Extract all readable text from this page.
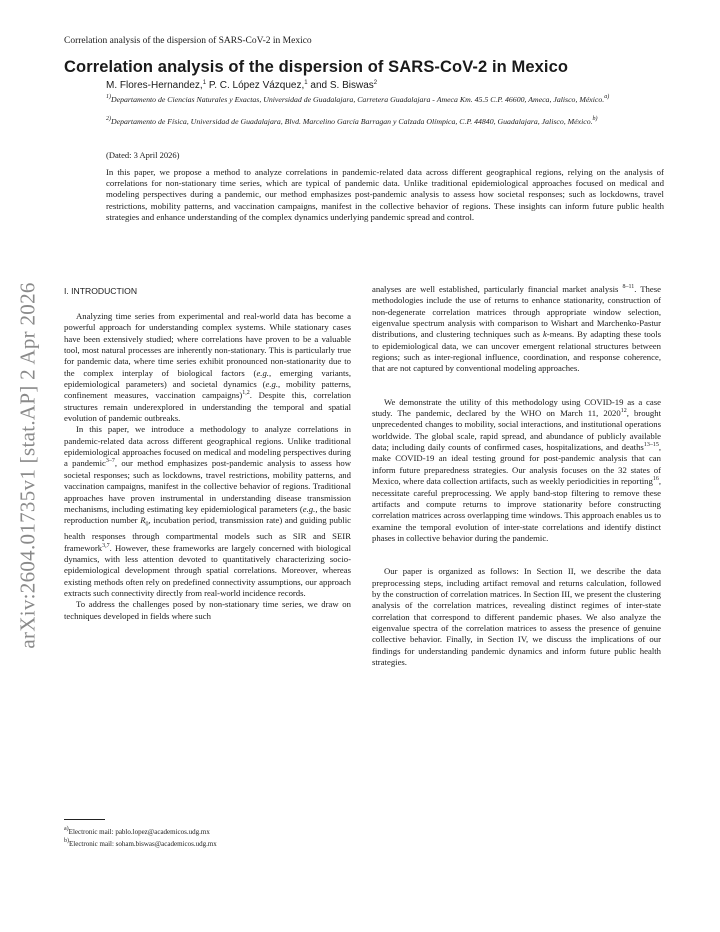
Correlation analysis of the dispersion of SARS-CoV-2 in Mexico
Correlation analysis of the dispersion of SARS-CoV-2 in Mexico
M. Flores-Hernandez,$^1$ P. C. López Vázquez,$^1$ and S. Biswas$^2$
$^{1)}$Departamento de Ciencias Naturales y Exactas, Universidad de Guadalajara, Carretera Guadalajara - Ameca Km. 45.5 C.P. 46600, Ameca, Jalisco, México.$^{a)}$
$^{2)}$Departamento de Física, Universidad de Guadalajara, Blvd. Marcelino García Barragan y Calzada Olímpica, C.P. 44840, Guadalajara, Jalisco, México.$^{b)}$
(Dated: 3 April 2026)
In this paper, we propose a method to analyze correlations in pandemic-related data across different geographical regions, relying on the analysis of correlations for non-stationary time series, which are typical of pandemic data. Unlike traditional epidemiological approaches focused on medical and modeling perspectives during a pandemic, our method emphasizes post-pandemic analysis to assess how societal responses; such as lockdowns, travel restrictions, mobility patterns, and vaccination campaigns, manifest in the collective behavior of regions. These insights can inform future public health strategies and enhance understanding of the complex dynamics underlying pandemic spread and control.
arXiv:2604.01735v1 [stat.AP] 2 Apr 2026	I. INTRODUCTION

Analyzing time series from experimental and real-world data has become a powerful approach for understanding complex systems. While stationary cases have been extensively studied; where correlations have proven to be a valuable tool, most natural processes are inherently non-stationary. This is particularly true for pandemic data, where time series exhibit pronounced non-stationarity due to the complex interplay of biological factors (e.g., emerging variants, epidemiological parameters) and societal dynamics (e.g., mobility patterns, confinement measures, vaccination campaigns)$^{1,2}$. Despite this, correlation structures remain underexplored in understanding the temporal and spatial evolution of pandemic outbreaks.

In this paper, we introduce a methodology to analyze correlations in pandemic-related data across different geographical regions. Unlike traditional epidemiological approaches focused on medical and modeling perspectives during a pandemic$^{3-7}$, our method emphasizes post-pandemic analysis to assess how societal responses; such as lockdowns, travel restrictions, mobility patterns, and vaccination campaigns, manifest in the collective behavior of regions. Traditional approaches have proven instrumental in understanding disease transmission mechanisms, including estimating key epidemiological parameters (e.g., the basic reproduction number $R_0$, incubation period, transmission rate) and guiding public health responses through compartmental models such as SIR and SEIR framework$^{3,7}$. However, these frameworks are largely concerned with biological dynamics, with less attention devoted to quantitatively characterizing socio-epidemiological development through spatial correlations. Moreover, whereas existing methods often rely on predefined connectivity assumptions, our approach extracts such connectivity directly from real-world incidence records.

To address the challenges posed by non-stationary time series, we draw on techniques developed in fields where such

analyses are well established, particularly financial market analysis $^{8-11}$. These methodologies include the use of returns to enhance stationarity, construction of non-degenerate correlation matrices through appropriate window selection, eigenvalue spectrum analysis with comparison to Wishart and Marchenko-Pastur distributions, and clustering techniques such as k-means. By adapting these tools to epidemiological data, we can uncover emergent relational structures between regions; such as inter-regional influence, coordination, and response coherence, that are not captured by conventional modeling approaches.

We demonstrate the utility of this methodology using COVID-19 as a case study. The pandemic, declared by the WHO on March 11, 2020$^{12}$, brought unprecedented changes to mobility, social interactions, and institutional operations worldwide. The global scale, rapid spread, and abundance of publicly available data; including daily counts of confirmed cases, hospitalizations, and deaths$^{13-15}$, make COVID-19 an ideal testing ground for post-pandemic analysis that can inform future preparedness strategies. Our analysis focuses on the 32 states of Mexico, where data collection artifacts, such as weekly periodicities in reporting$^{16}$, necessitate careful preprocessing. We apply band-stop filtering to remove these artifacts and compute returns to improve stationarity before constructing correlation matrices across overlapping time windows. This approach enables us to examine the temporal evolution of inter-state correlations and identify distinct phases in collective behavior during the pandemic.

Our paper is organized as follows: In Section II, we describe the data preprocessing steps, including artifact removal and returns calculation, followed by the construction of correlation matrices. In Section III, we present the clustering analysis of the correlation matrices, revealing distinct regimes of inter-state correlation that correspond to different pandemic phases. We also analyze the eigenvalue spectra of the correlation matrices to assess the presence of genuine collective behavior. Finally, in Section IV, we discuss the implications of our findings for understanding pandemic dynamics and inform future public health strategies.

$^{a)}$Electronic mail: pablo.lopez@academicos.udg.mx
$^{b)}$Electronic mail: soham.biswas@academicos.udg.mx
